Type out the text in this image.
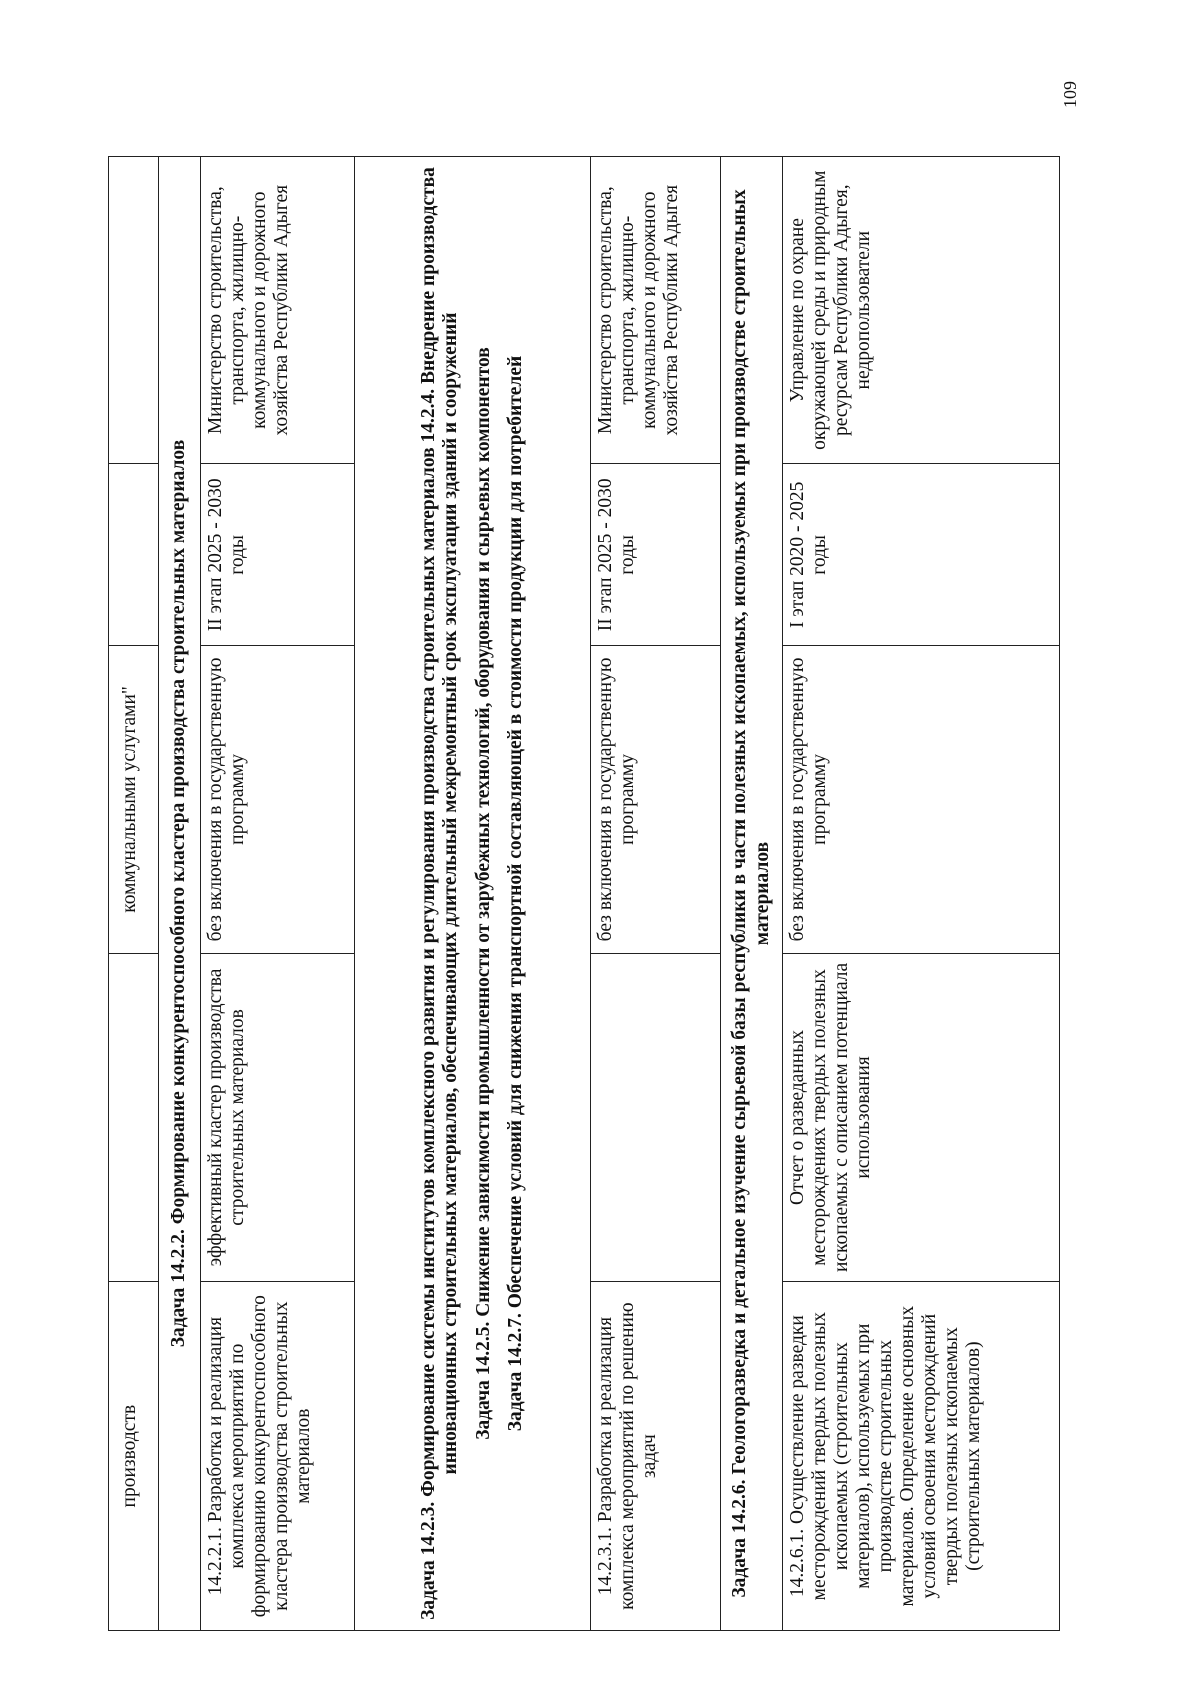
109
производств		коммунальными услугами"		
Задача 14.2.2. Формирование конкурентоспособного кластера производства строительных материалов				
14.2.2.1. Разработка и реализация комплекса мероприятий по формированию конкурентоспособного кластера производства строительных материалов	эффективный кластер производства строительных материалов	без включения в государственную программу	II этап 2025 - 2030 годы	Министерство строительства, транспорта, жилищно-коммунального и дорожного хозяйства Республики Адыгея

Задача 14.2.3. Формирование системы институтов комплексного развития и регулирования производства строительных материалов 14.2.4. Внедрение производства инновационных строительных материалов, обеспечивающих длительный межремонтный срок эксплуатации зданий и сооружений Задача 14.2.5. Снижение зависимости промышленности от зарубежных технологий, оборудования и сырьевых компонентов Задача 14.2.7. Обеспечение условий для снижения транспортной составляющей в стоимости продукции для потребителей				

14.2.3.1. Разработка и реализация комплекса мероприятий по решению задач		без включения в государственную программу	II этап 2025 - 2030 годы	Министерство строительства, транспорта, жилищно-коммунального и дорожного хозяйства Республики Адыгея
Задача 14.2.6. Геологоразведка и детальное изучение сырьевой базы республики в части полезных ископаемых, используемых при производстве строительных материалов				
14.2.6.1. Осуществление разведки месторождений твердых полезных ископаемых (строительных материалов), используемых при производстве строительных материалов. Определение основных условий освоения месторождений твердых полезных ископаемых (строительных материалов)	Отчет о разведанных месторождениях твердых полезных ископаемых с описанием потенциала использования	без включения в государственную программу	I этап 2020 - 2025 годы	Управление по охране окружающей среды и природным ресурсам Республики Адыгея, недропользователи
